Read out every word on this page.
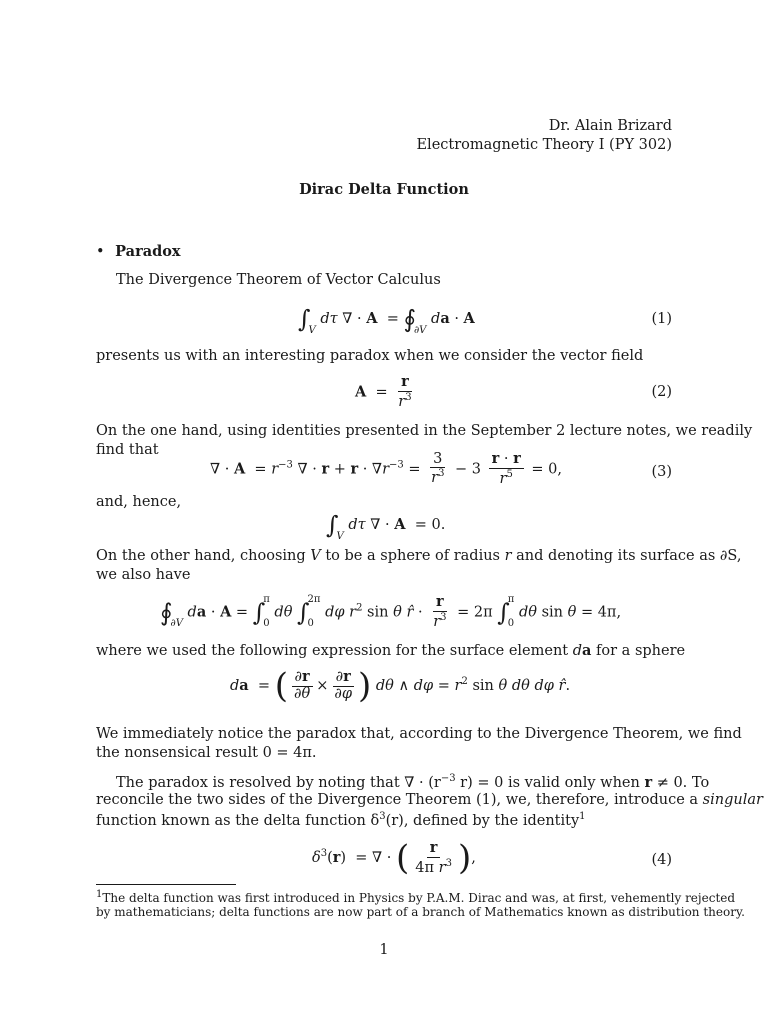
Dr. Alain Brizard
Electromagnetic Theory I (PY 302)
Dirac Delta Function
• Paradox
The Divergence Theorem of Vector Calculus
∫

V
dτ ∇ · A  = ∮

∂V
da · A	(1)
presents us with an interesting paradox when we consider the vector field
$A = \frac{r}{r^3}$	(2)
On the one hand, using identities presented in the September 2 lecture notes, we readily
find that
∇ · $A = r^{-3}$ ∇ · $r + r \cdot \nabla r^{-3} = \frac{3}{r^3} - 3 \frac{r \cdot r}{r^5} = 0$,	(3)
and, hence,
∫

V
dτ ∇ · A  = 0.
On the other hand, choosing V to be a sphere of radius r and denoting its surface as ∂S,
we also have
∮

∂V
da · A = ∫
π
0
dθ ∫
2π
0
dφ $r^2$ sin θ r̂ · $\frac{r}{r^3} = 2\pi$ ∫
π
0
dθ sin θ = 4π,
where we used the following expression for the surface element da for a sphere
da  = ( $\frac{\partial r}{\partial\theta} \times \frac{\partial r}{\partial\varphi}$ ) dθ ∧ $d\varphi = r^2$ sin θ dθ dφ r̂.
We immediately notice the paradox that, according to the Divergence Theorem, we find
the nonsensical result 0 = 4π.
The paradox is resolved by noting that ∇ · ($r^{-3}$ r) = 0 is valid only when r ≠ 0. To
reconcile the two sides of the Divergence Theorem (1), we, therefore, introduce a singular
function known as the delta function $\delta^3(r)$, defined by the identity$^1$
$\delta^3(r)$  = ∇ · ( $\frac{r}{4\pi r^3}$ ),	(4)
$^1$The delta function was first introduced in Physics by P.A.M. Dirac and was, at first, vehemently rejected
by mathematicians; delta functions are now part of a branch of Mathematics known as distribution theory.
1
